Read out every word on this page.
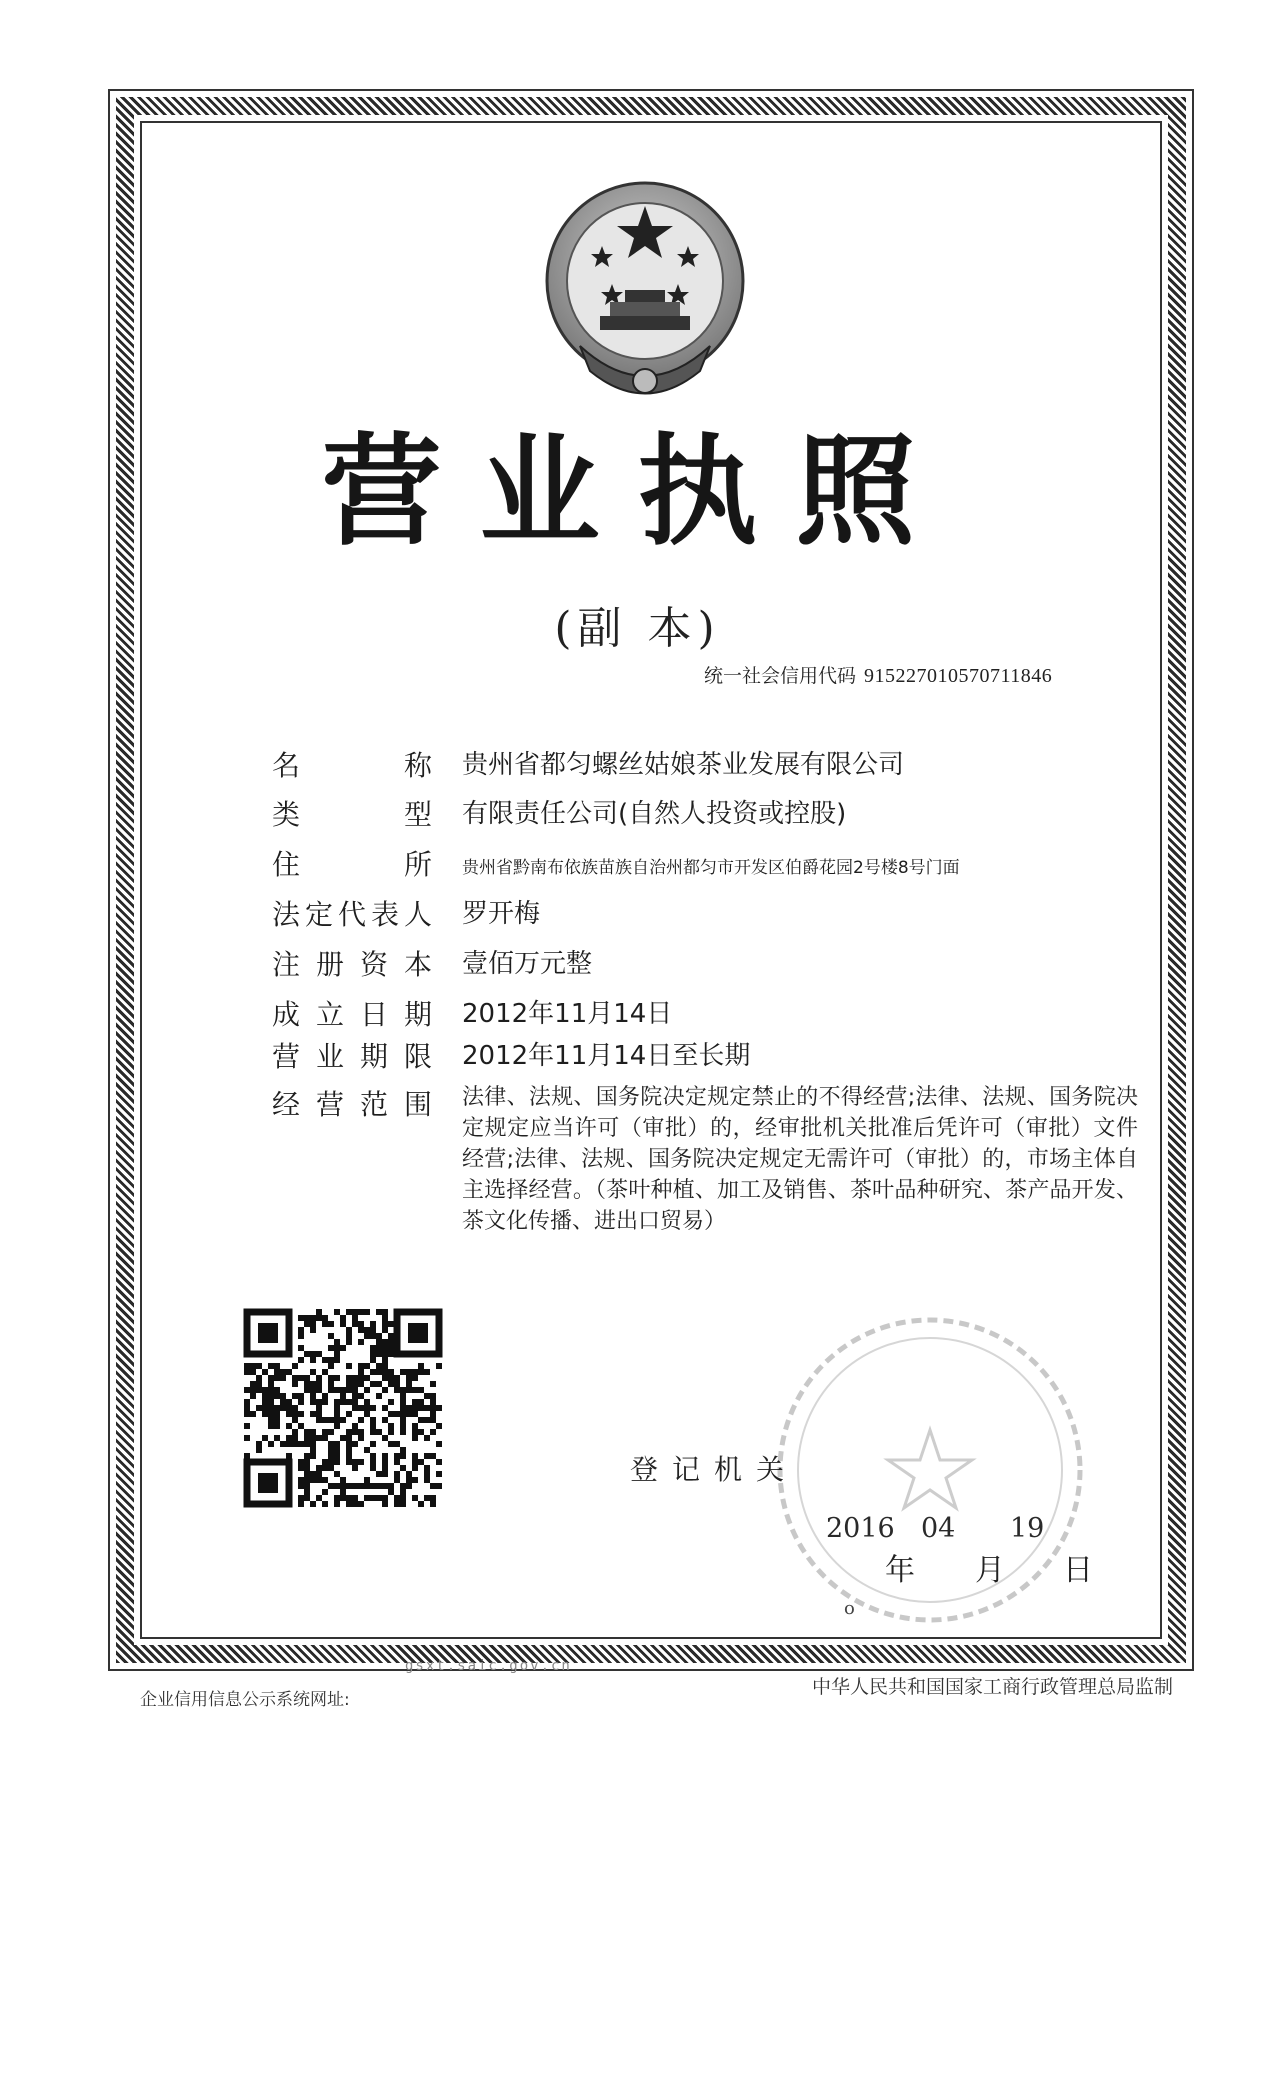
营业执照
(副 本)
统一社会信用代码 915227010570711846
名	称 贵州省都匀螺丝姑娘茶业发展有限公司
类	型 有限责任公司(自然人投资或控股)
住	所 贵州省黔南布依族苗族自治州都匀市开发区伯爵花园2号楼8号门面
法 定 代 表 人 罗开梅
注 册 资 本 壹佰万元整
成 立 日 期 2012年11月14日
营 业 期 限 2012年11月14日至长期
经 营 范 围 法律、法规、国务院决定规定禁止的不得经营;法律、法规、国务院决定规定应当许可（审批）的，经审批机关批准后凭许可（审批）文件经营;法律、法规、国务院决定规定无需许可（审批）的，市场主体自主选择经营。（茶叶种植、加工及销售、茶叶品种研究、茶产品开发、茶文化传播、进出口贸易）
登记机关
2016 04 19
年 月 日
o
gsxt.saic.gov.cn
企业信用信息公示系统网址:
中华人民共和国国家工商行政管理总局监制
